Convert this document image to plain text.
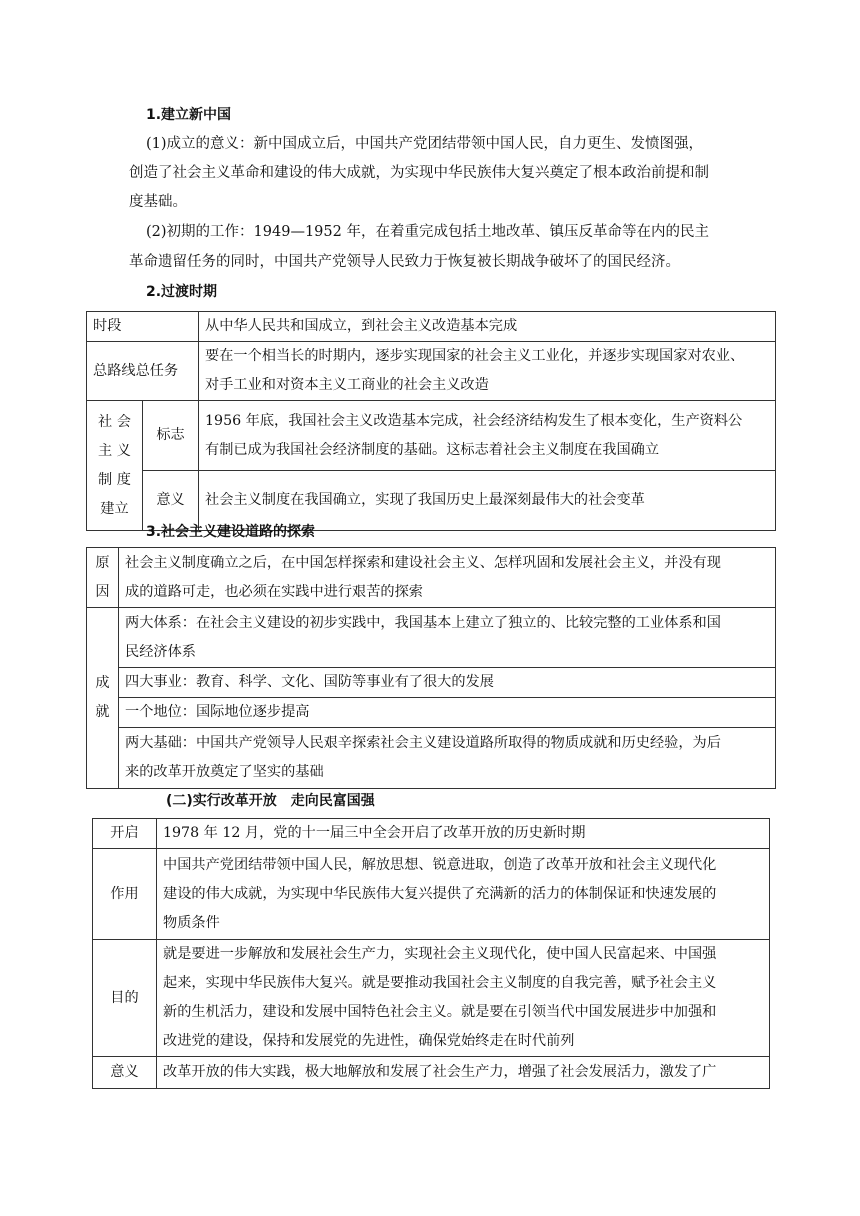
1.建立新中国
(1)成立的意义：新中国成立后，中国共产党团结带领中国人民，自力更生、发愤图强，
创造了社会主义革命和建设的伟大成就，为实现中华民族伟大复兴奠定了根本政治前提和制
度基础。
(2)初期的工作：1949—1952 年，在着重完成包括土地改革、镇压反革命等在内的民主
革命遗留任务的同时，中国共产党领导人民致力于恢复被长期战争破坏了的国民经济。
2.过渡时期
时段		从中华人民共和国成立，到社会主义改造基本完成

总路线总任务		要在一个相当长的时期内，逐步实现国家的社会主义工业化，并逐步实现国家对农业、
对手工业和对资本主义工商业的社会主义改造

社 会
主 义
制 度
建立	标志	1956 年底，我国社会主义改造基本完成，社会经济结构发生了根本变化，生产资料公
有制已成为我国社会经济制度的基础。这标志着社会主义制度在我国确立

	意义	社会主义制度在我国确立，实现了我国历史上最深刻最伟大的社会变革
3.社会主义建设道路的探索
原
因	社会主义制度确立之后，在中国怎样探索和建设社会主义、怎样巩固和发展社会主义，并没有现
成的道路可走，也必须在实践中进行艰苦的探索

成
就	两大体系：在社会主义建设的初步实践中，我国基本上建立了独立的、比较完整的工业体系和国
民经济体系

	四大事业：教育、科学、文化、国防等事业有了很大的发展

	一个地位：国际地位逐步提高

	两大基础：中国共产党领导人民艰辛探索社会主义建设道路所取得的物质成就和历史经验，为后
来的改革开放奠定了坚实的基础
(二)实行改革开放　走向民富国强
开启	1978 年 12 月，党的十一届三中全会开启了改革开放的历史新时期

作用	中国共产党团结带领中国人民，解放思想、锐意进取，创造了改革开放和社会主义现代化
建设的伟大成就，为实现中华民族伟大复兴提供了充满新的活力的体制保证和快速发展的
物质条件

目的	就是要进一步解放和发展社会生产力，实现社会主义现代化，使中国人民富起来、中国强
起来，实现中华民族伟大复兴。就是要推动我国社会主义制度的自我完善，赋予社会主义
新的生机活力，建设和发展中国特色社会主义。就是要在引领当代中国发展进步中加强和
改进党的建设，保持和发展党的先进性，确保党始终走在时代前列

意义	改革开放的伟大实践，极大地解放和发展了社会生产力，增强了社会发展活力，激发了广
